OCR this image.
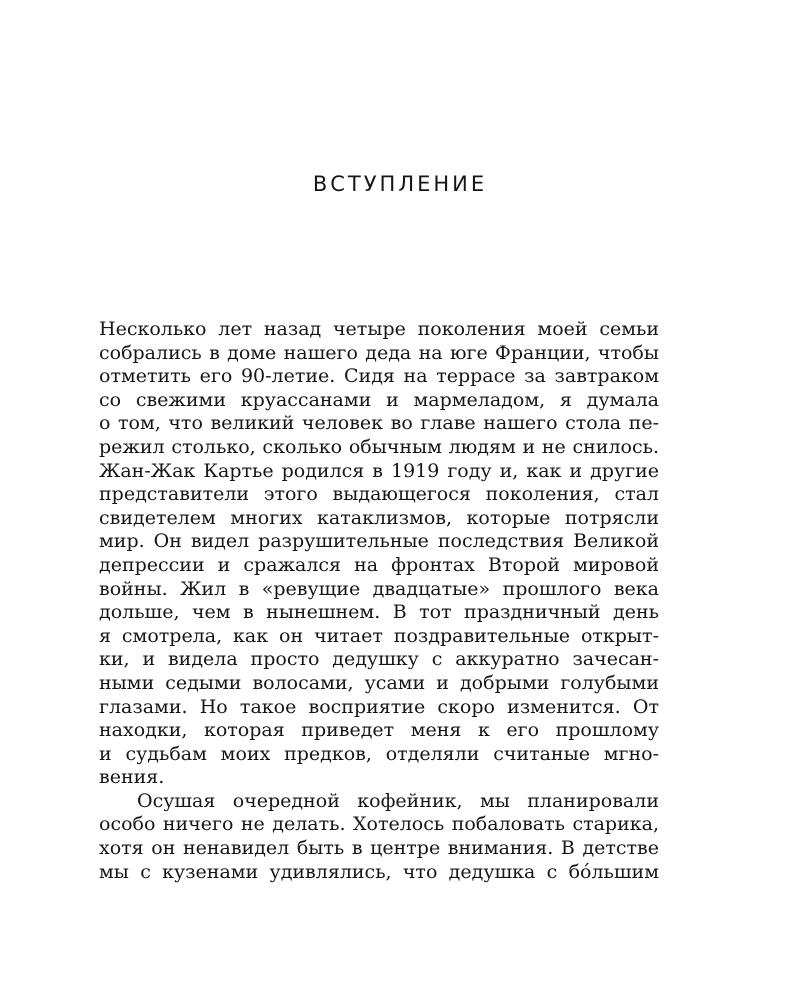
ВСТУПЛЕНИЕ
Несколько лет назад четыре поколения моей семьи
собрались в доме нашего деда на юге Франции, чтобы
отметить его 90-летие. Сидя на террасе за завтраком
со свежими круассанами и мармеладом, я думала
о том, что великий человек во главе нашего стола пе-
режил столько, сколько обычным людям и не снилось.
Жан-Жак Картье родился в 1919 году и, как и другие
представители этого выдающегося поколения, стал
свидетелем многих катаклизмов, которые потрясли
мир. Он видел разрушительные последствия Великой
депрессии и сражался на фронтах Второй мировой
войны. Жил в «ревущие двадцатые» прошлого века
дольше, чем в нынешнем. В тот праздничный день
я смотрела, как он читает поздравительные открыт-
ки, и видела просто дедушку с аккуратно зачесан-
ными седыми волосами, усами и добрыми голубыми
глазами. Но такое восприятие скоро изменится. От
находки, которая приведет меня к его прошлому
и судьбам моих предков, отделяли считаные мгно-
вения.
Осушая очередной кофейник, мы планировали
особо ничего не делать. Хотелось побаловать старика,
хотя он ненавидел быть в центре внимания. В детстве
мы с кузенами удивлялись, что дедушка с бóльшим
